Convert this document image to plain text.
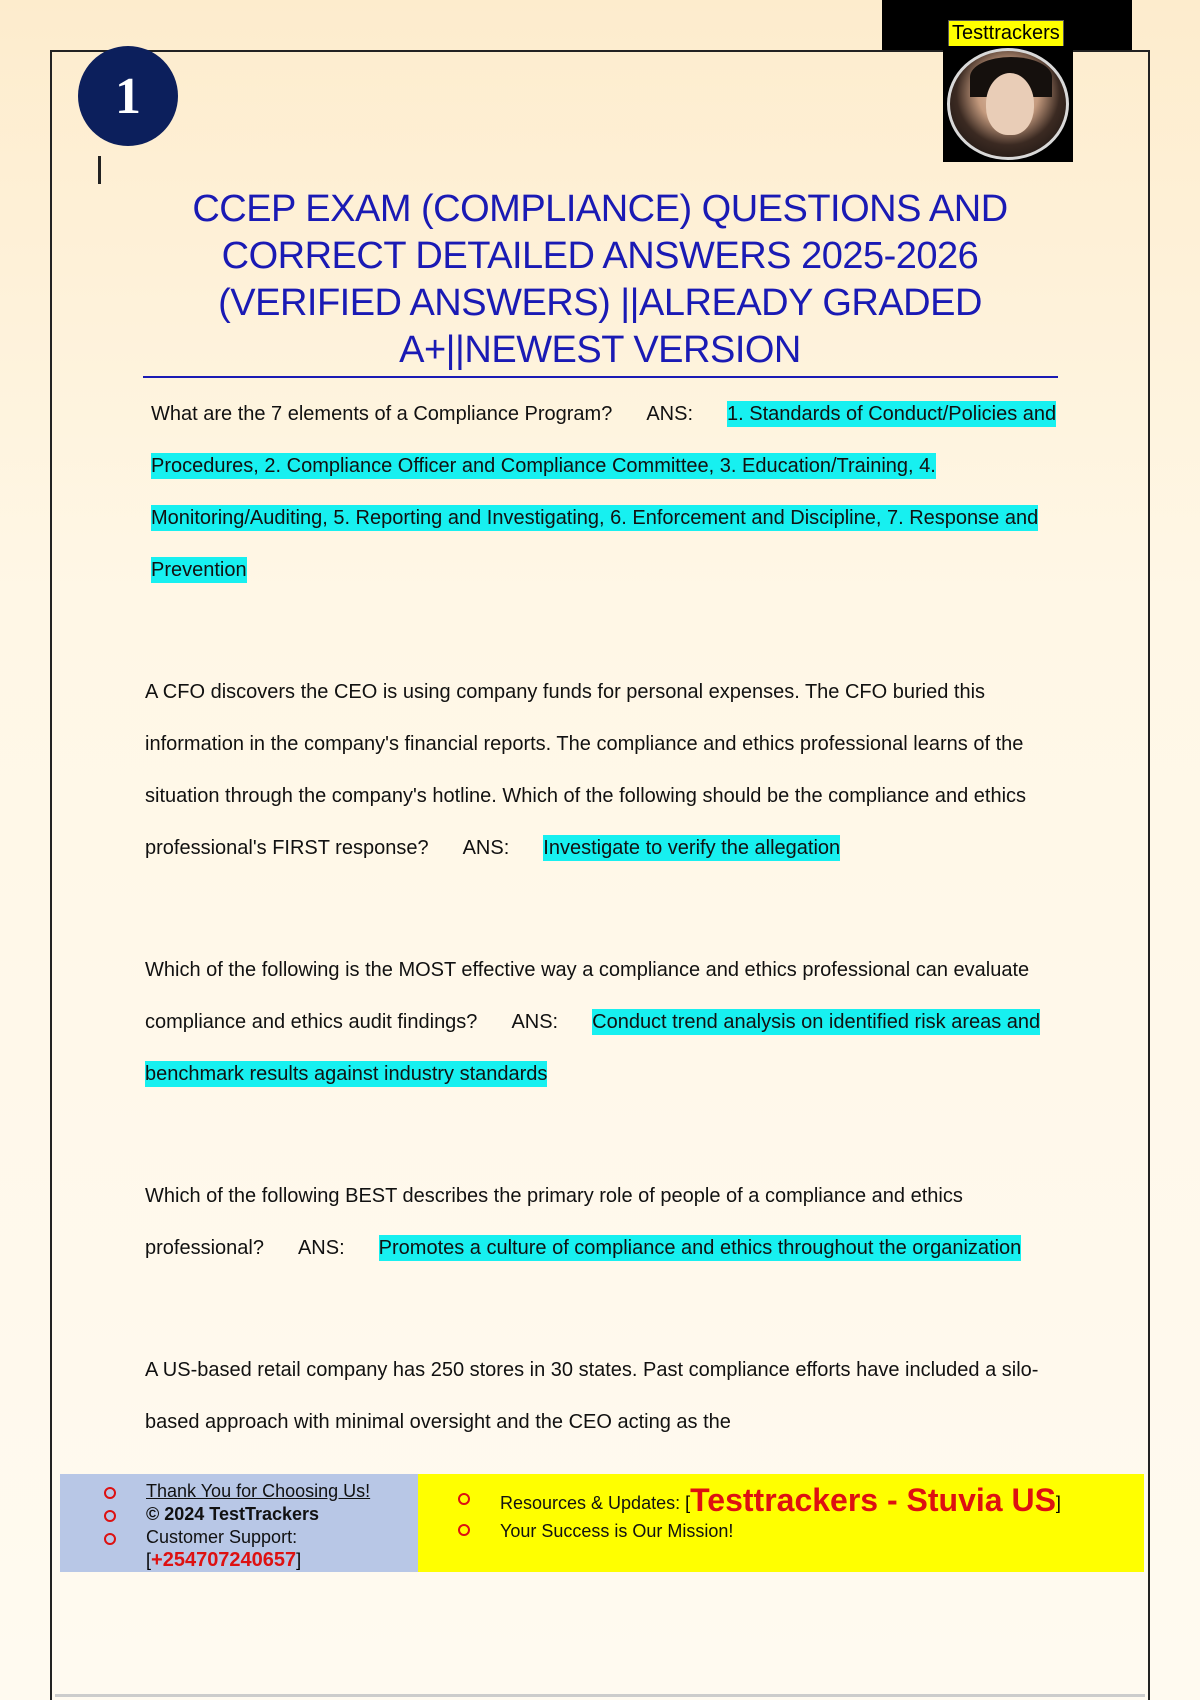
1
Testtrackers
CCEP EXAM (COMPLIANCE) QUESTIONS AND CORRECT DETAILED ANSWERS 2025-2026 (VERIFIED ANSWERS) ||ALREADY GRADED A+||NEWEST VERSION

What are the 7 elements of a Compliance Program? ANS: 1. Standards of Conduct/Policies and Procedures, 2. Compliance Officer and Compliance Committee, 3. Education/Training, 4. Monitoring/Auditing, 5. Reporting and Investigating, 6. Enforcement and Discipline, 7. Response and Prevention

A CFO discovers the CEO is using company funds for personal expenses. The CFO buried this information in the company's financial reports. The compliance and ethics professional learns of the situation through the company's hotline. Which of the following should be the compliance and ethics professional's FIRST response? ANS: Investigate to verify the allegation

Which of the following is the MOST effective way a compliance and ethics professional can evaluate compliance and ethics audit findings? ANS: Conduct trend analysis on identified risk areas and benchmark results against industry standards

Which of the following BEST describes the primary role of people of a compliance and ethics professional? ANS: Promotes a culture of compliance and ethics throughout the organization

A US-based retail company has 250 stores in 30 states. Past compliance efforts have included a silo-based approach with minimal oversight and the CEO acting as the

Thank You for Choosing Us!
© 2024 TestTrackers
Customer Support:
[+254707240657]
Resources & Updates: [Testtrackers - Stuvia US]
Your Success is Our Mission!
